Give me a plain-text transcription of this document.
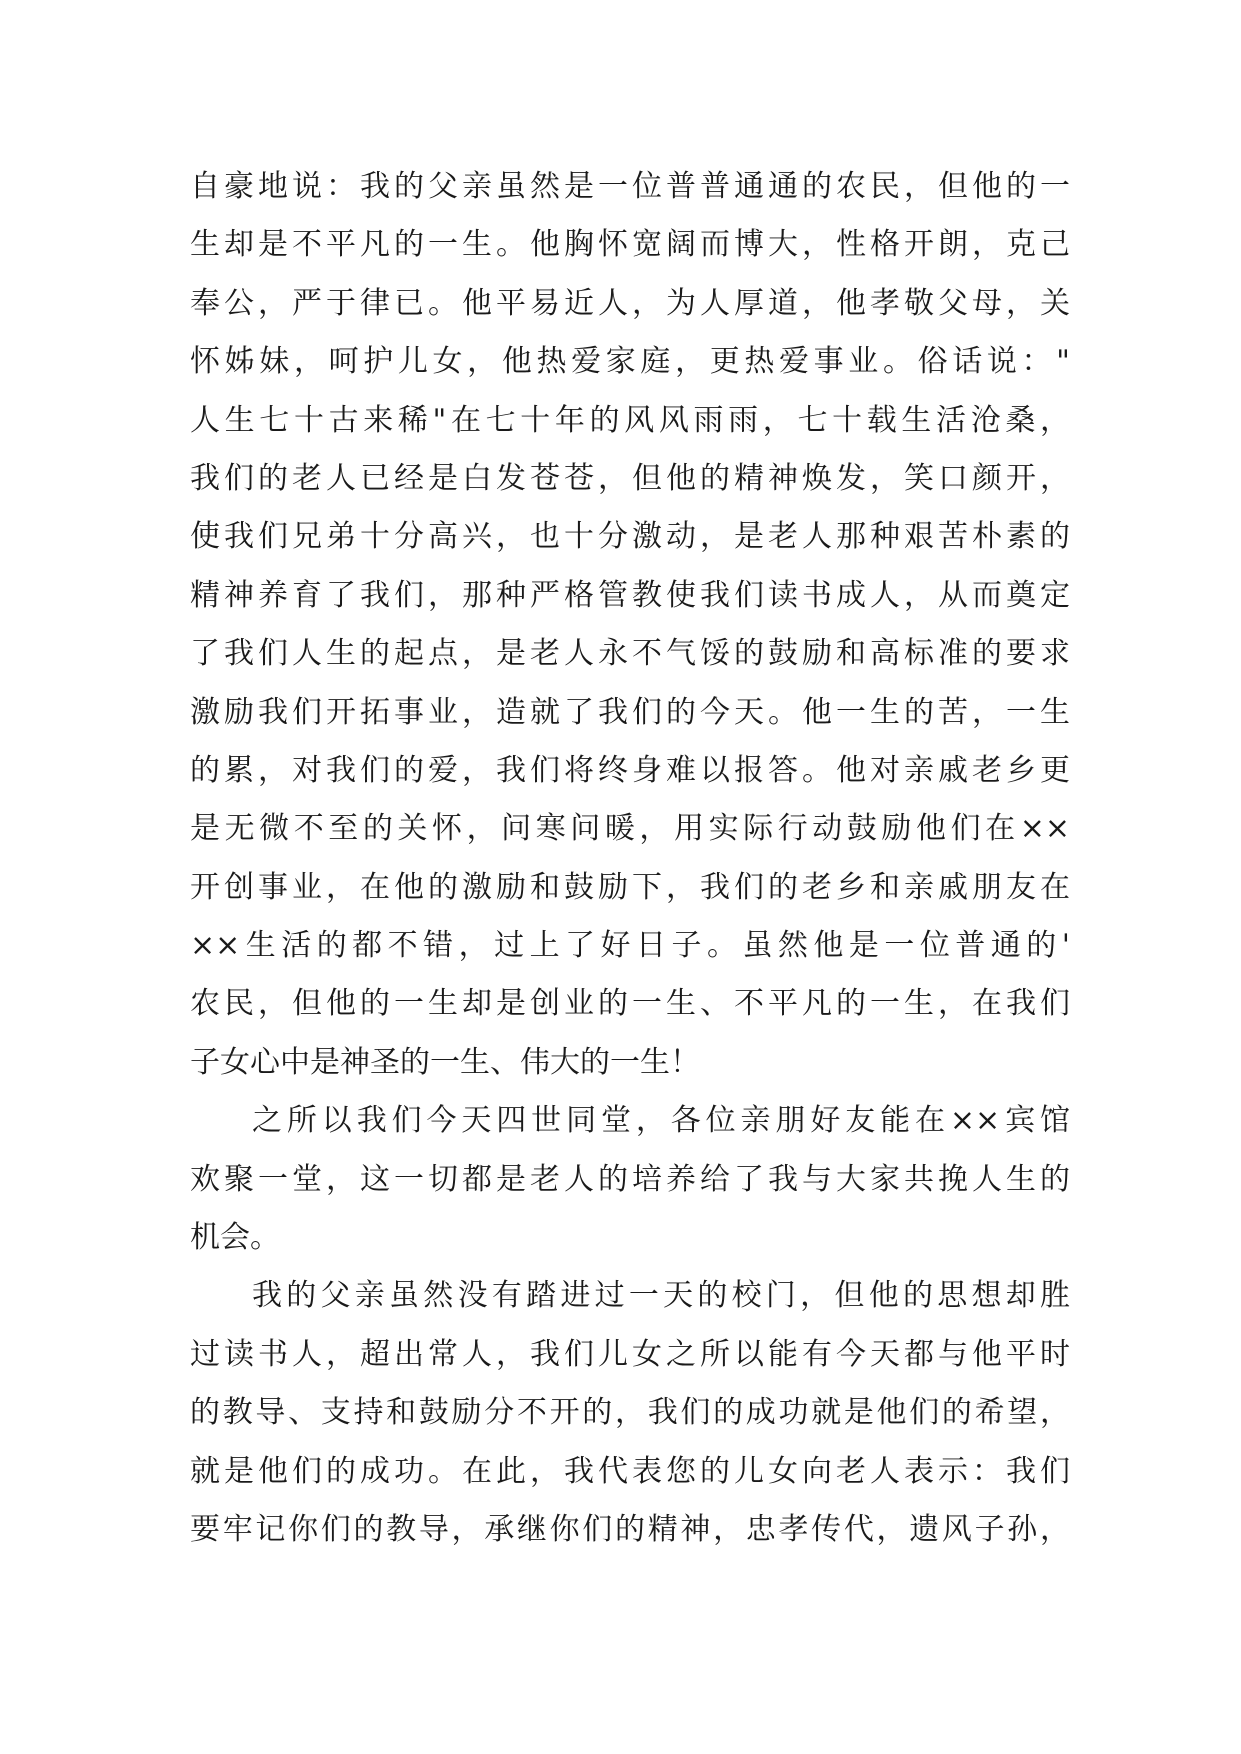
自豪地说：我的父亲虽然是一位普普通通的农民，但他的一
生却是不平凡的一生。他胸怀宽阔而博大，性格开朗，克己
奉公，严于律已。他平易近人，为人厚道，他孝敬父母，关
怀姊妹，呵护儿女，他热爱家庭，更热爱事业。俗话说："
人生七十古来稀"在七十年的风风雨雨，七十载生活沧桑，
我们的老人已经是白发苍苍，但他的精神焕发，笑口颜开，
使我们兄弟十分高兴，也十分激动，是老人那种艰苦朴素的
精神养育了我们，那种严格管教使我们读书成人，从而奠定
了我们人生的起点，是老人永不气馁的鼓励和高标准的要求
激励我们开拓事业，造就了我们的今天。他一生的苦，一生
的累，对我们的爱，我们将终身难以报答。他对亲戚老乡更
是无微不至的关怀，问寒问暖，用实际行动鼓励他们在××
开创事业，在他的激励和鼓励下，我们的老乡和亲戚朋友在
××生活的都不错，过上了好日子。虽然他是一位普通的'
农民，但他的一生却是创业的一生、不平凡的一生，在我们
子女心中是神圣的一生、伟大的一生！
之所以我们今天四世同堂，各位亲朋好友能在××宾馆
欢聚一堂，这一切都是老人的培养给了我与大家共挽人生的
机会。
我的父亲虽然没有踏进过一天的校门，但他的思想却胜
过读书人，超出常人，我们儿女之所以能有今天都与他平时
的教导、支持和鼓励分不开的，我们的成功就是他们的希望，
就是他们的成功。在此，我代表您的儿女向老人表示：我们
要牢记你们的教导，承继你们的精神，忠孝传代，遗风子孙，
